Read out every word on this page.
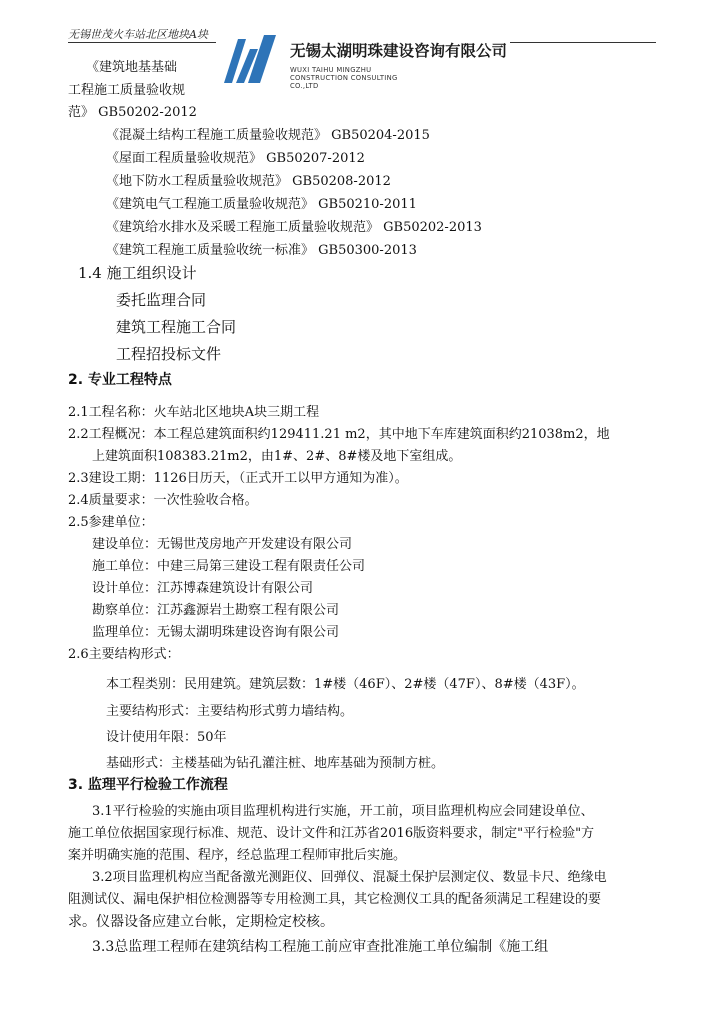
无锡世茂火车站北区地块A块
无锡太湖明珠建设咨询有限公司
WUXI TAIHU MINGZHU
CONSTRUCTION CONSULTING CO.,LTD
《建筑地基基础
工程施工质量验收规
范》 GB50202-2012
《混凝土结构工程施工质量验收规范》 GB50204-2015
《屋面工程质量验收规范》 GB50207-2012
《地下防水工程质量验收规范》 GB50208-2012
《建筑电气工程施工质量验收规范》 GB50210-2011
《建筑给水排水及采暖工程施工质量验收规范》 GB50202-2013
《建筑工程施工质量验收统一标准》 GB50300-2013
1.4 施工组织设计
委托监理合同
建筑工程施工合同
工程招投标文件
2. 专业工程特点
2.1工程名称：火车站北区地块A块三期工程
2.2工程概况：本工程总建筑面积约129411.21 m2，其中地下车库建筑面积约21038m2，地
上建筑面积108383.21m2，由1#、2#、8#楼及地下室组成。
2.3建设工期：1126日历天，（正式开工以甲方通知为准）。
2.4质量要求：一次性验收合格。
2.5参建单位：
建设单位：无锡世茂房地产开发建设有限公司
施工单位：中建三局第三建设工程有限责任公司
设计单位：江苏博森建筑设计有限公司
勘察单位：江苏鑫源岩土勘察工程有限公司
监理单位：无锡太湖明珠建设咨询有限公司
2.6主要结构形式：
本工程类别：民用建筑。建筑层数：1#楼（46F）、2#楼（47F）、8#楼（43F）。
主要结构形式：主要结构形式剪力墙结构。
设计使用年限：50年
基础形式：主楼基础为钻孔灌注桩、地库基础为预制方桩。
3. 监理平行检验工作流程
3.1平行检验的实施由项目监理机构进行实施，开工前，项目监理机构应会同建设单位、
施工单位依据国家现行标准、规范、设计文件和江苏省2016版资料要求，制定"平行检验"方
案并明确实施的范围、程序，经总监理工程师审批后实施。
3.2项目监理机构应当配备激光测距仪、回弹仪、混凝土保护层测定仪、数显卡尺、绝缘电
阻测试仪、漏电保护相位检测器等专用检测工具，其它检测仪工具的配备须满足工程建设的要
求。仪器设备应建立台帐，定期检定校核。
3.3总监理工程师在建筑结构工程施工前应审查批准施工单位编制《施工组
